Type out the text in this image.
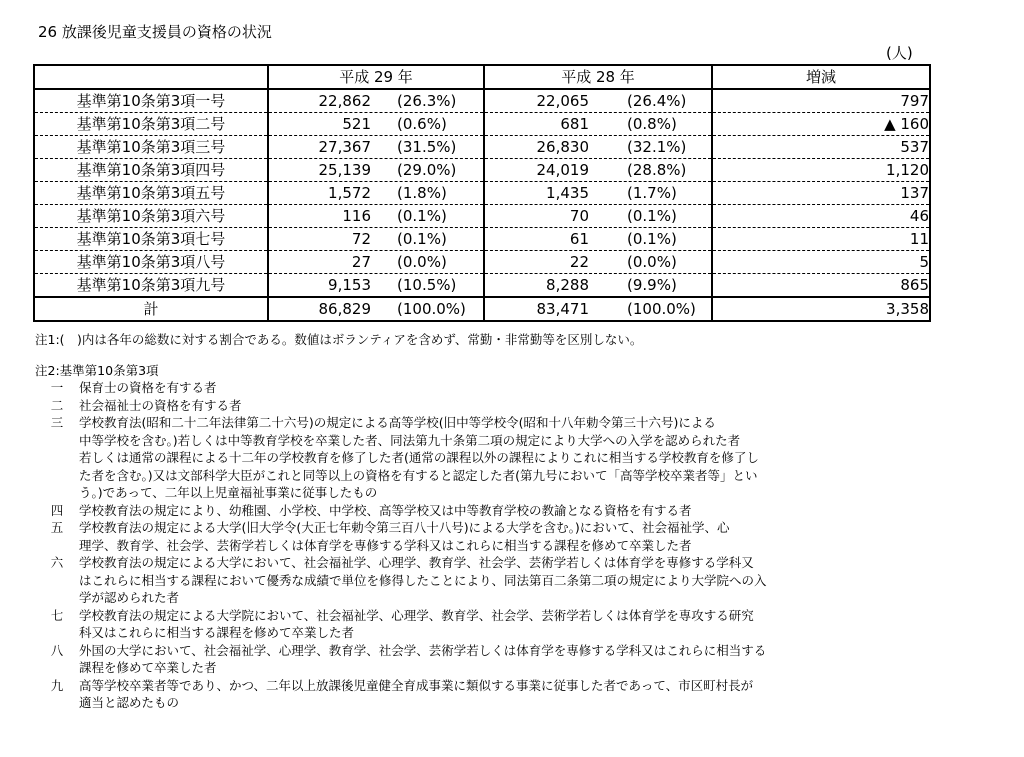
26 放課後児童支援員の資格の状況
(人)
	平成 29 年	平成 28 年	増減
基準第10条第3項一号	22,862 (26.3%)	22,065 (26.4%)	797
基準第10条第3項二号	521 (0.6%)	681 (0.8%)	▲ 160
基準第10条第3項三号	27,367 (31.5%)	26,830 (32.1%)	537
基準第10条第3項四号	25,139 (29.0%)	24,019 (28.8%)	1,120
基準第10条第3項五号	1,572 (1.8%)	1,435 (1.7%)	137
基準第10条第3項六号	116 (0.1%)	70 (0.1%)	46
基準第10条第3項七号	72 (0.1%)	61 (0.1%)	11
基準第10条第3項八号	27 (0.0%)	22 (0.0%)	5
基準第10条第3項九号	9,153 (10.5%)	8,288 (9.9%)	865
計	86,829 (100.0%)	83,471 (100.0%)	3,358
注1:(　)内は各年の総数に対する割合である。数値はボランティアを含めず、常勤・非常勤等を区別しない。
注2:基準第10条第3項
一	保育士の資格を有する者
二	社会福祉士の資格を有する者
三	学校教育法(昭和二十二年法律第二十六号)の規定による高等学校(旧中等学校令(昭和十八年勅令第三十六号)による
中等学校を含む。)若しくは中等教育学校を卒業した者、同法第九十条第二項の規定により大学への入学を認められた者
若しくは通常の課程による十二年の学校教育を修了した者(通常の課程以外の課程によりこれに相当する学校教育を修了し
た者を含む。)又は文部科学大臣がこれと同等以上の資格を有すると認定した者(第九号において「高等学校卒業者等」とい
う。)であって、二年以上児童福祉事業に従事したもの
四	学校教育法の規定により、幼稚園、小学校、中学校、高等学校又は中等教育学校の教諭となる資格を有する者
五	学校教育法の規定による大学(旧大学令(大正七年勅令第三百八十八号)による大学を含む。)において、社会福祉学、心
理学、教育学、社会学、芸術学若しくは体育学を専修する学科又はこれらに相当する課程を修めて卒業した者
六	学校教育法の規定による大学において、社会福祉学、心理学、教育学、社会学、芸術学若しくは体育学を専修する学科又
はこれらに相当する課程において優秀な成績で単位を修得したことにより、同法第百二条第二項の規定により大学院への入
学が認められた者
七	学校教育法の規定による大学院において、社会福祉学、心理学、教育学、社会学、芸術学若しくは体育学を専攻する研究
科又はこれらに相当する課程を修めて卒業した者
八	外国の大学において、社会福祉学、心理学、教育学、社会学、芸術学若しくは体育学を専修する学科又はこれらに相当する
課程を修めて卒業した者
九	高等学校卒業者等であり、かつ、二年以上放課後児童健全育成事業に類似する事業に従事した者であって、市区町村長が
適当と認めたもの
